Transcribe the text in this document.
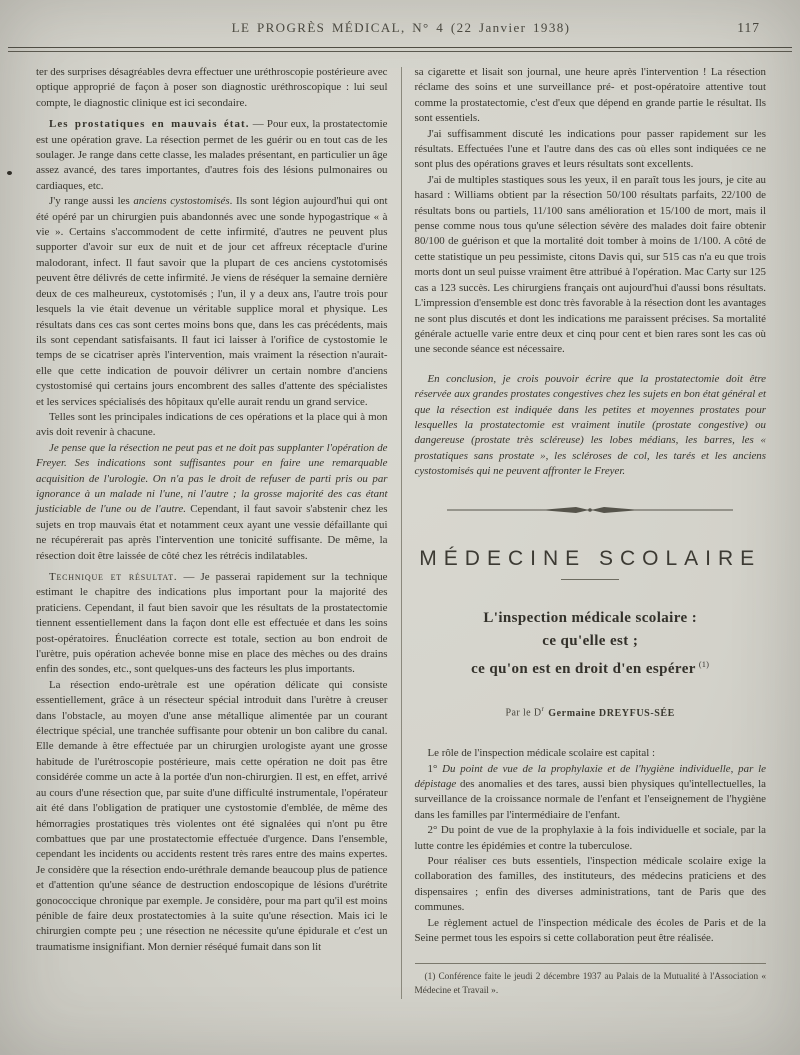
LE PROGRÈS MÉDICAL, N° 4 (22 Janvier 1938)	117

ter des surprises désagréables devra effectuer une uréthroscopie postérieure avec optique approprié de façon à poser son diagnostic uréthroscopique : lui seul compte, le diagnostic clinique est ici secondaire.

Les prostatiques en mauvais état. — Pour eux, la prostatectomie est une opération grave. La résection permet de les guérir ou en tout cas de les soulager. Je range dans cette classe, les malades présentant, en particulier un âge assez avancé, des tares importantes, d'autres fois des lésions pulmonaires ou cardiaques, etc.

J'y range aussi les anciens cystostomisés. Ils sont légion aujourd'hui qui ont été opéré par un chirurgien puis abandonnés avec une sonde hypogastrique « à vie ». Certains s'accommodent de cette infirmité, d'autres ne peuvent plus supporter d'avoir sur eux de nuit et de jour cet affreux réceptacle d'urine malodorant, infect. Il faut savoir que la plupart de ces anciens cystotomisés peuvent être délivrés de cette infirmité. Je viens de réséquer la semaine dernière deux de ces malheureux, cystotomisés ; l'un, il y a deux ans, l'autre trois pour lesquels la vie était devenue un véritable supplice moral et physique. Les résultats dans ces cas sont certes moins bons que, dans les cas précédents, mais ils sont cependant satisfaisants. Il faut ici laisser à l'orifice de cystostomie le temps de se cicatriser après l'intervention, mais vraiment la résection n'aurait-elle que cette indication de pouvoir délivrer un certain nombre d'anciens cystostomisé qui certains jours encombrent des salles d'attente des spécialistes et les services spécialisés des hôpitaux qu'elle aurait rendu un grand service.

Telles sont les principales indications de ces opérations et la place qui à mon avis doit revenir à chacune.

Je pense que la résection ne peut pas et ne doit pas supplanter l'opération de Freyer. Ses indications sont suffisantes pour en faire une remarquable acquisition de l'urologie. On n'a pas le droit de refuser de parti pris ou par ignorance à un malade ni l'une, ni l'autre ; la grosse majorité des cas étant justiciable de l'une ou de l'autre. Cependant, il faut savoir s'abstenir chez les sujets en trop mauvais état et notamment ceux ayant une vessie défaillante qui ne récupérerait pas après l'intervention une tonicité suffisante. De même, la résection doit être laissée de côté chez les rétrécis indilatables.

Technique et résultat. — Je passerai rapidement sur la technique estimant le chapitre des indications plus important pour la majorité des praticiens. Cependant, il faut bien savoir que les résultats de la prostatectomie tiennent essentiellement dans la façon dont elle est effectuée et dans les soins post-opératoires. Énucléation correcte est totale, section au bon endroit de l'urètre, puis opération achevée bonne mise en place des mèches ou des drains enfin des sondes, etc., sont quelques-uns des facteurs les plus importants.

La résection endo-urètrale est une opération délicate qui consiste essentiellement, grâce à un résecteur spécial introduit dans l'urètre à creuser dans l'obstacle, au moyen d'une anse métallique alimentée par un courant électrique spécial, une tranchée suffisante pour obtenir un bon calibre du canal. Elle demande à être effectuée par un chirurgien urologiste ayant une grosse habitude de l'urétroscopie postérieure, mais cette opération ne doit pas être considérée comme un acte à la portée d'un non-chirurgien. Il est, en effet, arrivé au cours d'une résection que, par suite d'une difficulté instrumentale, l'opérateur ait été dans l'obligation de pratiquer une cystostomie d'emblée, de même des hémorragies prostatiques très violentes ont été signalées qui n'ont pu être combattues que par une prostatectomie effectuée d'urgence. Dans l'ensemble, cependant les incidents ou accidents restent très rares entre des mains expertes. Je considère que la résection endo-uréthrale demande beaucoup plus de patience et d'attention qu'une séance de destruction endoscopique de lésions d'urétrite gonococcique chronique par exemple. Je considère, pour ma part qu'il est moins pénible de faire deux prostatectomies à la suite qu'une résection. Mais ici le chirurgien compte peu ; une résection ne nécessite qu'une épidurale et c'est un traumatisme insignifiant. Mon dernier réséqué fumait dans son lit

sa cigarette et lisait son journal, une heure après l'intervention ! La résection réclame des soins et une surveillance pré- et post-opératoire attentive tout comme la prostatectomie, c'est d'eux que dépend en grande partie le résultat. Ils sont essentiels.

J'ai suffisamment discuté les indications pour passer rapidement sur les résultats. Effectuées l'une et l'autre dans des cas où elles sont indiquées ce ne sont plus des opérations graves et leurs résultats sont excellents.

J'ai de multiples stastiques sous les yeux, il en paraît tous les jours, je cite au hasard : Williams obtient par la résection 50/100 résultats parfaits, 22/100 de résultats bons ou partiels, 11/100 sans amélioration et 15/100 de mort, mais il pense comme nous tous qu'une sélection sévère des malades doit faire obtenir 80/100 de guérison et que la mortalité doit tomber à moins de 1/100. A côté de cette statistique un peu pessimiste, citons Davis qui, sur 515 cas n'a eu que trois morts dont un seul puisse vraiment être attribué à l'opération. Mac Carty sur 125 cas a 123 succès. Les chirurgiens français ont aujourd'hui d'aussi bons résultats. L'impression d'ensemble est donc très favorable à la résection dont les avantages ne sont plus discutés et dont les indications me paraissent précises. Sa mortalité générale actuelle varie entre deux et cinq pour cent et bien rares sont les cas où une seconde séance est nécessaire.

En conclusion, je crois pouvoir écrire que la prostatectomie doit être réservée aux grandes prostates congestives chez les sujets en bon état général et que la résection est indiquée dans les petites et moyennes prostates pour lesquelles la prostatectomie est vraiment inutile (prostate congestive) ou dangereuse (prostate très scléreuse) les lobes médians, les barres, les « prostatiques sans prostate », les scléroses de col, les tarés et les anciens cystostomisés qui ne peuvent affronter le Freyer.

MÉDECINE SCOLAIRE
L'inspection médicale scolaire :
ce qu'elle est ;
ce qu'on est en droit d'en espérer $^{(1)}$
Par le $D^r$ Germaine DREYFUS-SÉE

Le rôle de l'inspection médicale scolaire est capital :

1° Du point de vue de la prophylaxie et de l'hygiène individuelle, par le dépistage des anomalies et des tares, aussi bien physiques qu'intellectuelles, la surveillance de la croissance normale de l'enfant et l'enseignement de l'hygiène dans les familles par l'intermédiaire de l'enfant.

2° Du point de vue de la prophylaxie à la fois individuelle et sociale, par la lutte contre les épidémies et contre la tuberculose.

Pour réaliser ces buts essentiels, l'inspection médicale scolaire exige la collaboration des familles, des instituteurs, des médecins praticiens et des dispensaires ; enfin des diverses administrations, tant de Paris que des communes.

Le règlement actuel de l'inspection médicale des écoles de Paris et de la Seine permet tous les espoirs si cette collaboration peut être réalisée.

(1) Conférence faite le jeudi 2 décembre 1937 au Palais de la Mutualité à l'Association « Médecine et Travail ».
